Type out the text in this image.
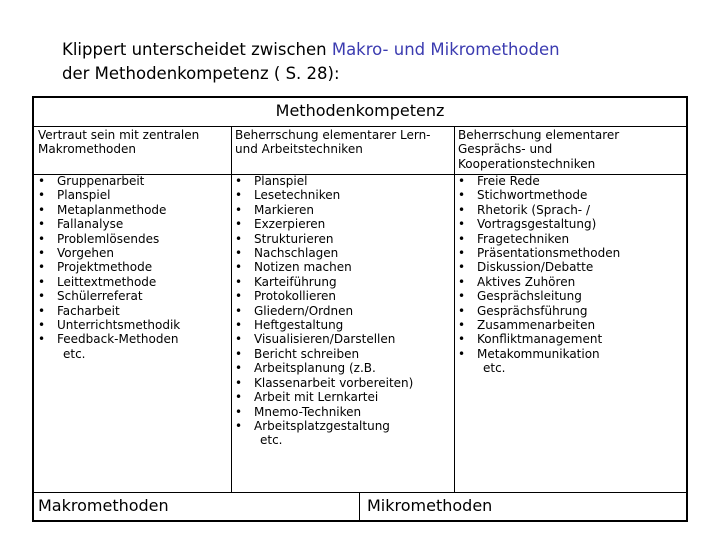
Klippert unterscheidet zwischen Makro- und Mikromethoden
der Methodenkompetenz ( S. 28):
Methodenkompetenz
Vertraut sein mit zentralen Makromethoden
• Gruppenarbeit
• Planspiel
• Metaplanmethode
• Fallanalyse
• Problemlösendes
• Vorgehen
• Projektmethode
• Leittextmethode
• Schülerreferat
• Facharbeit
• Unterrichtsmethodik
• Feedback-Methoden
etc.
Beherrschung elementarer Lern- und Arbeitstechniken
• Planspiel
• Lesetechniken
• Markieren
• Exzerpieren
• Strukturieren
• Nachschlagen
• Notizen machen
• Karteiführung
• Protokollieren
• Gliedern/Ordnen
• Heftgestaltung
• Visualisieren/Darstellen
• Bericht schreiben
• Arbeitsplanung (z.B.
• Klassenarbeit vorbereiten)
• Arbeit mit Lernkartei
• Mnemo-Techniken
• Arbeitsplatzgestaltung
etc.
Beherrschung elementarer Gesprächs- und Kooperationstechniken
• Freie Rede
• Stichwortmethode
• Rhetorik (Sprach- /
• Vortragsgestaltung)
• Fragetechniken
• Präsentationsmethoden
• Diskussion/Debatte
• Aktives Zuhören
• Gesprächsleitung
• Gesprächsführung
• Zusammenarbeiten
• Konfliktmanagement
• Metakommunikation
etc.
Makromethoden	Mikromethoden
